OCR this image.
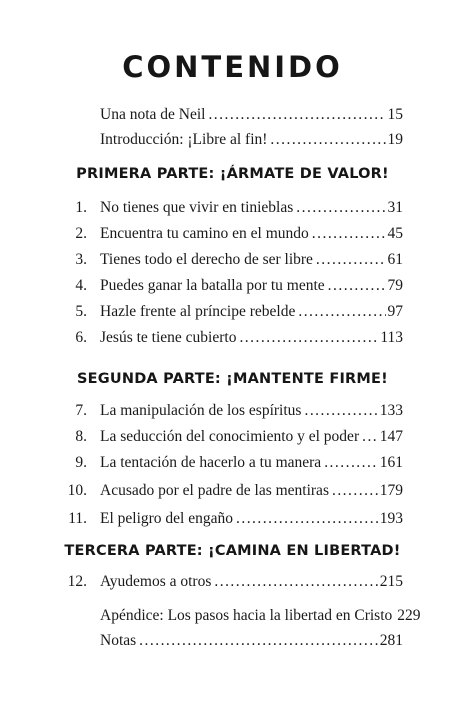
CONTENIDO
Una nota de Neil . . .	15
Introducción: ¡Libre al fin! . . .	19
PRIMERA PARTE: ¡ÁRMATE DE VALOR!
1. No tienes que vivir en tinieblas . . .	31
2. Encuentra tu camino en el mundo . . .	45
3. Tienes todo el derecho de ser libre . . .	61
4. Puedes ganar la batalla por tu mente . . .	79
5. Hazle frente al príncipe rebelde . . .	97
6. Jesús te tiene cubierto . . .	113
SEGUNDA PARTE: ¡MANTENTE FIRME!
7. La manipulación de los espíritus . . .	133
8. La seducción del conocimiento y el poder . . . 147
9. La tentación de hacerlo a tu manera . . .	161
10. Acusado por el padre de las mentiras . . .	179
11. El peligro del engaño . . .	193
TERCERA PARTE: ¡CAMINA EN LIBERTAD!
12. Ayudemos a otros . . .	215
Apéndice: Los pasos hacia la libertad en Cristo 229
Notas . . .	281
